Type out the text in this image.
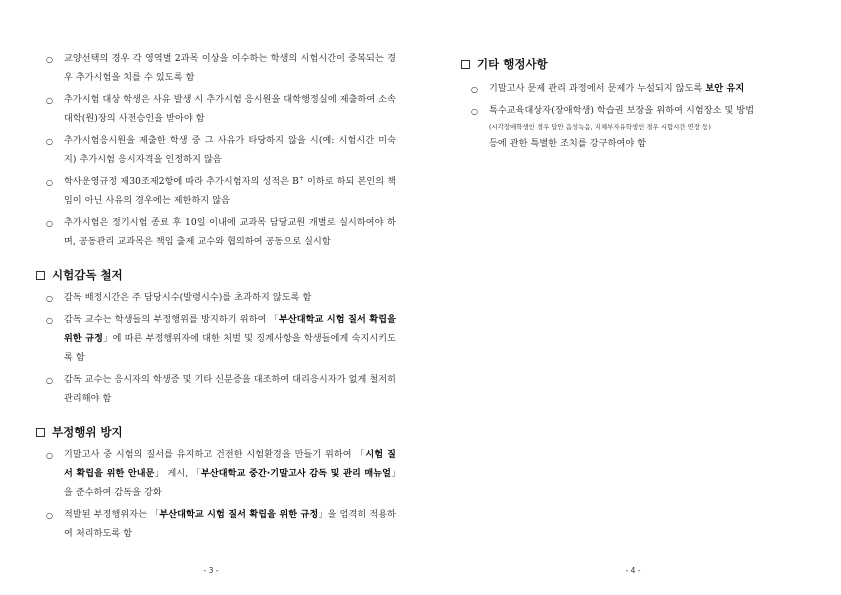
○ 교양선택의 경우 각 영역별 2과목 이상을 이수하는 학생의 시험시간이 중복되는 경우 추가시험을 치를 수 있도록 함
○ 추가시험 대상 학생은 사유 발생 시 추가시험 응시원을 대학행정실에 제출하여 소속대학(원)장의 사전승인을 받아야 함
○ 추가시험응시원을 제출한 학생 중 그 사유가 타당하지 않을 시(예: 시험시간 미숙지) 추가시험 응시자격을 인정하지 않음
○ 학사운영규정 제30조제2항에 따라 추가시험자의 성적은 B+ 이하로 하되 본인의 책임이 아닌 사유의 경우에는 제한하지 않음
○ 추가시험은 정기시험 종료 후 10일 이내에 교과목 담당교원 개별로 실시하여야 하며, 공동관리 교과목은 책임 출제 교수와 협의하여 공동으로 실시함
시험감독 철저
○ 감독 배정시간은 주 담당시수(발령시수)를 초과하지 않도록 함
○ 감독 교수는 학생들의 부정행위를 방지하기 위하여 「부산대학교 시험 질서 확립을 위한 규정」에 따른 부정행위자에 대한 처벌 및 징계사항을 학생들에게 숙지시키도록 함
○ 감독 교수는 응시자의 학생증 및 기타 신분증을 대조하여 대리응시자가 없게 철저히 관리해야 함
부정행위 방지
○ 기말고사 중 시험의 질서를 유지하고 건전한 시험환경을 만들기 위하여 「시험 질서 확립을 위한 안내문」 게시, 「부산대학교 중간·기말고사 감독 및 관리 매뉴얼」을 준수하여 감독을 강화
○ 적발된 부정행위자는 「부산대학교 시험 질서 확립을 위한 규정」을 엄격히 적용하여 처리하도록 함
- 3 -
기타 행정사항
○ 기말고사 문제 관리 과정에서 문제가 누설되지 않도록 보안 유지
○ 특수교육대상자(장애학생) 학습권 보장을 위하여 시험장소 및 방법
(시각장애학생인 경우 답안 음성녹음, 지체부자유학생인 경우 시험시간 연장 등)
등에 관한 특별한 조치를 강구하여야 함
- 4 -
